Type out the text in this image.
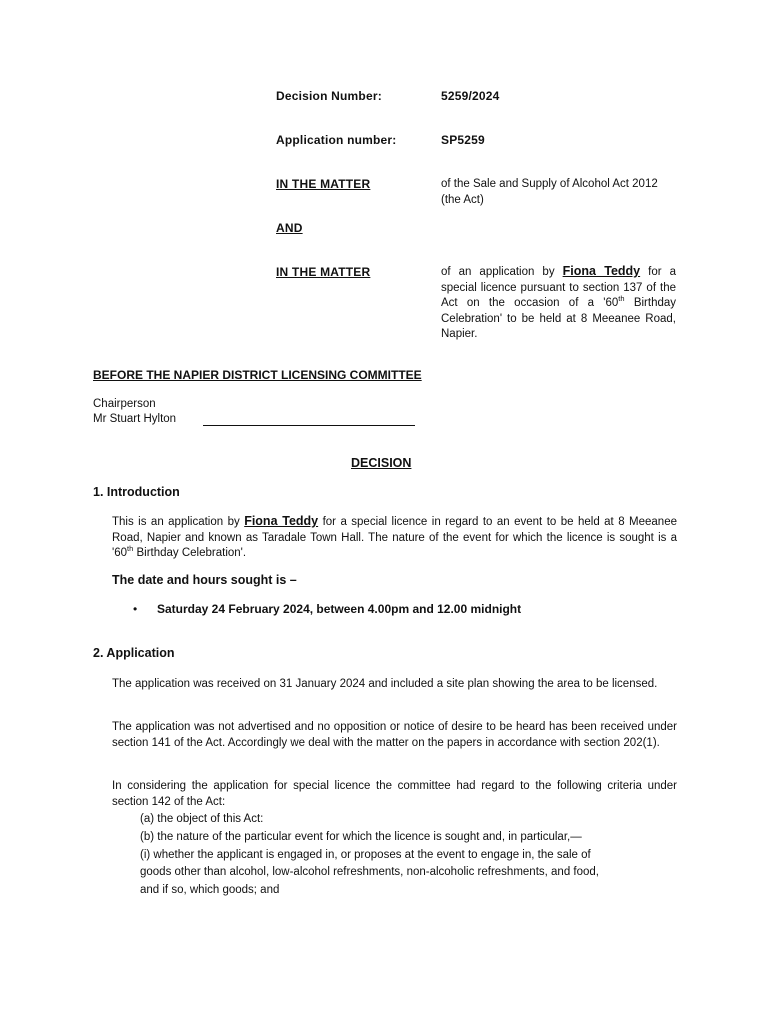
Decision Number:	5259/2024
Application number:	SP5259
IN THE MATTER	of the Sale and Supply of Alcohol Act 2012 (the Act)
AND
IN THE MATTER	of an application by Fiona Teddy for a special licence pursuant to section 137 of the Act on the occasion of a '60th Birthday Celebration' to be held at 8 Meeanee Road, Napier.
BEFORE THE NAPIER DISTRICT LICENSING COMMITTEE
Chairperson
Mr Stuart Hylton
DECISION
1. Introduction
This is an application by Fiona Teddy for a special licence in regard to an event to be held at 8 Meeanee Road, Napier and known as Taradale Town Hall. The nature of the event for which the licence is sought is a '60th Birthday Celebration'.
The date and hours sought is –
• Saturday 24 February 2024, between 4.00pm and 12.00 midnight
2. Application
The application was received on 31 January 2024 and included a site plan showing the area to be licensed.
The application was not advertised and no opposition or notice of desire to be heard has been received under section 141 of the Act. Accordingly we deal with the matter on the papers in accordance with section 202(1).
In considering the application for special licence the committee had regard to the following criteria under section 142 of the Act:
(a) the object of this Act:
(b) the nature of the particular event for which the licence is sought and, in particular,—
(i) whether the applicant is engaged in, or proposes at the event to engage in, the sale of
goods other than alcohol, low-alcohol refreshments, non-alcoholic refreshments, and food,
and if so, which goods; and
